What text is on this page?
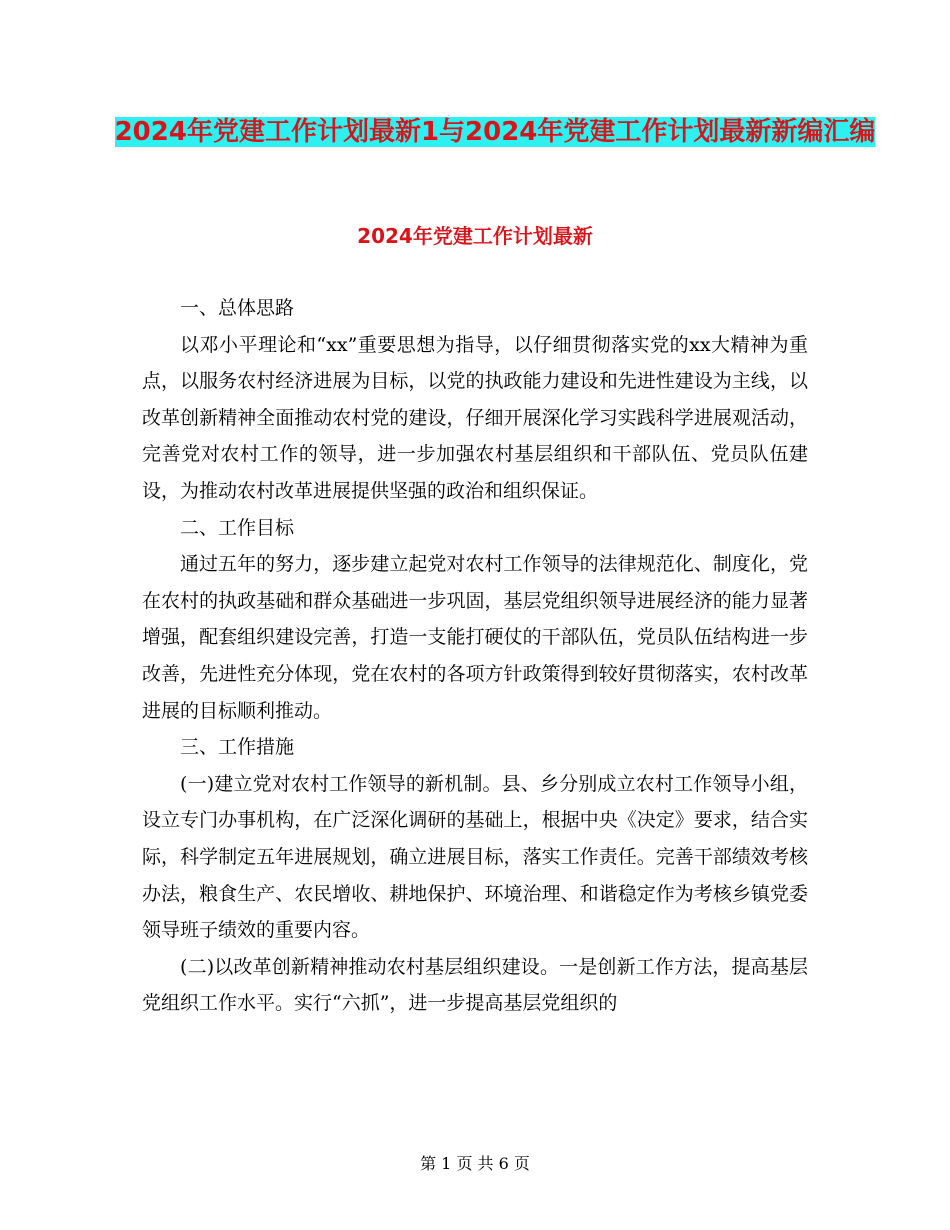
2024年党建工作计划最新1与2024年党建工作计划最新新编汇编
2024年党建工作计划最新

一、总体思路

以邓小平理论和“xx”重要思想为指导，以仔细贯彻落实党的xx大精神为重点，以服务农村经济进展为目标，以党的执政能力建设和先进性建设为主线，以改革创新精神全面推动农村党的建设，仔细开展深化学习实践科学进展观活动，完善党对农村工作的领导，进一步加强农村基层组织和干部队伍、党员队伍建设，为推动农村改革进展提供坚强的政治和组织保证。

二、工作目标

通过五年的努力，逐步建立起党对农村工作领导的法律规范化、制度化，党在农村的执政基础和群众基础进一步巩固，基层党组织领导进展经济的能力显著增强，配套组织建设完善，打造一支能打硬仗的干部队伍，党员队伍结构进一步改善，先进性充分体现，党在农村的各项方针政策得到较好贯彻落实，农村改革进展的目标顺利推动。

三、工作措施

(一)建立党对农村工作领导的新机制。县、乡分别成立农村工作领导小组，设立专门办事机构，在广泛深化调研的基础上，根据中央《决定》要求，结合实际，科学制定五年进展规划，确立进展目标，落实工作责任。完善干部绩效考核办法，粮食生产、农民增收、耕地保护、环境治理、和谐稳定作为考核乡镇党委领导班子绩效的重要内容。

(二)以改革创新精神推动农村基层组织建设。一是创新工作方法，提高基层党组织工作水平。实行“六抓”，进一步提高基层党组织的

第 1 页 共 6 页
